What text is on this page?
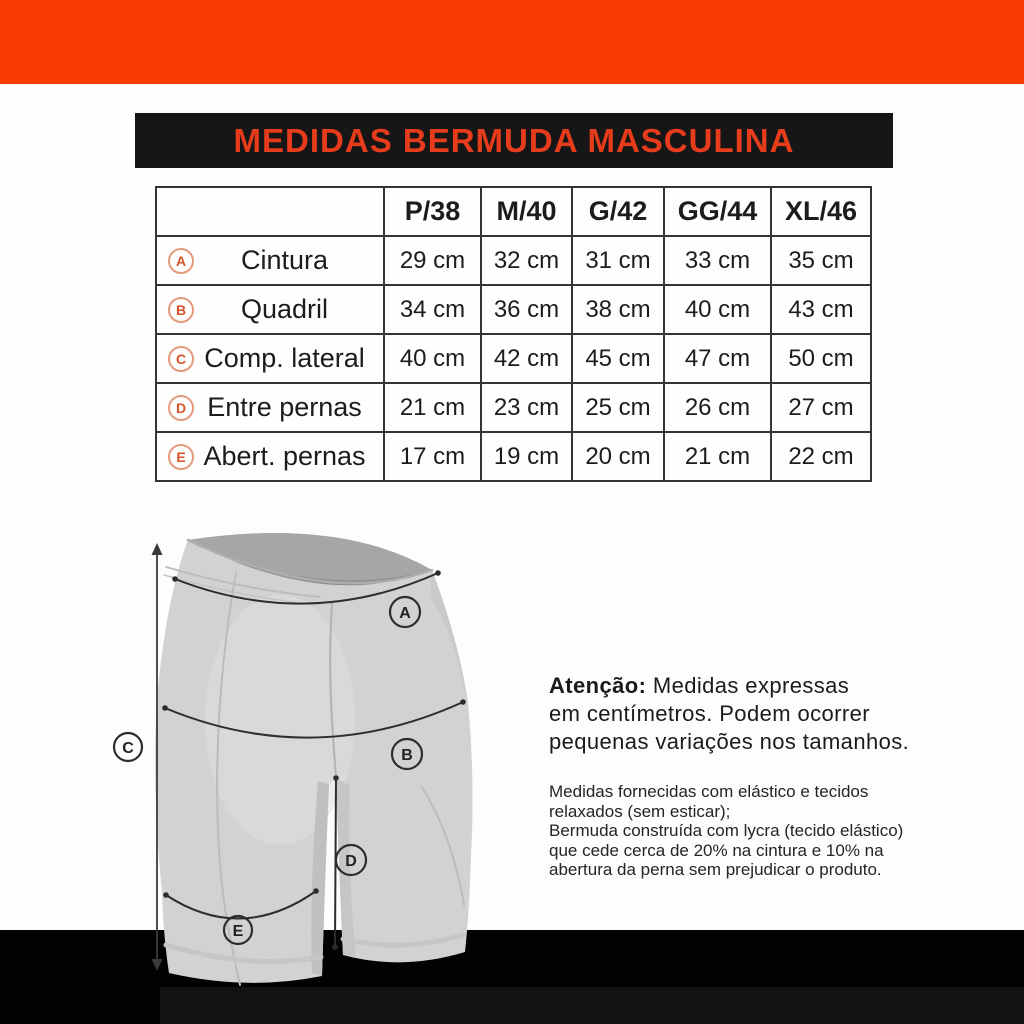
MEDIDAS BERMUDA MASCULINA
	P/38	M/40	G/42	GG/44	XL/46

A Cintura	29 cm	32 cm	31 cm	33 cm	35 cm

B Quadril	34 cm	36 cm	38 cm	40 cm	43 cm

C Comp. lateral	40 cm	42 cm	45 cm	47 cm	50 cm

D Entre pernas	21 cm	23 cm	25 cm	26 cm	27 cm

E Abert. pernas	17 cm	19 cm	20 cm	21 cm	22 cm
A
B
C
D
E
Atenção: Medidas expressas
em centímetros. Podem ocorrer
pequenas variações nos tamanhos.
Medidas fornecidas com elástico e tecidos
relaxados (sem esticar);
Bermuda construída com lycra (tecido elástico)
que cede cerca de 20% na cintura e 10% na
abertura da perna sem prejudicar o produto.
